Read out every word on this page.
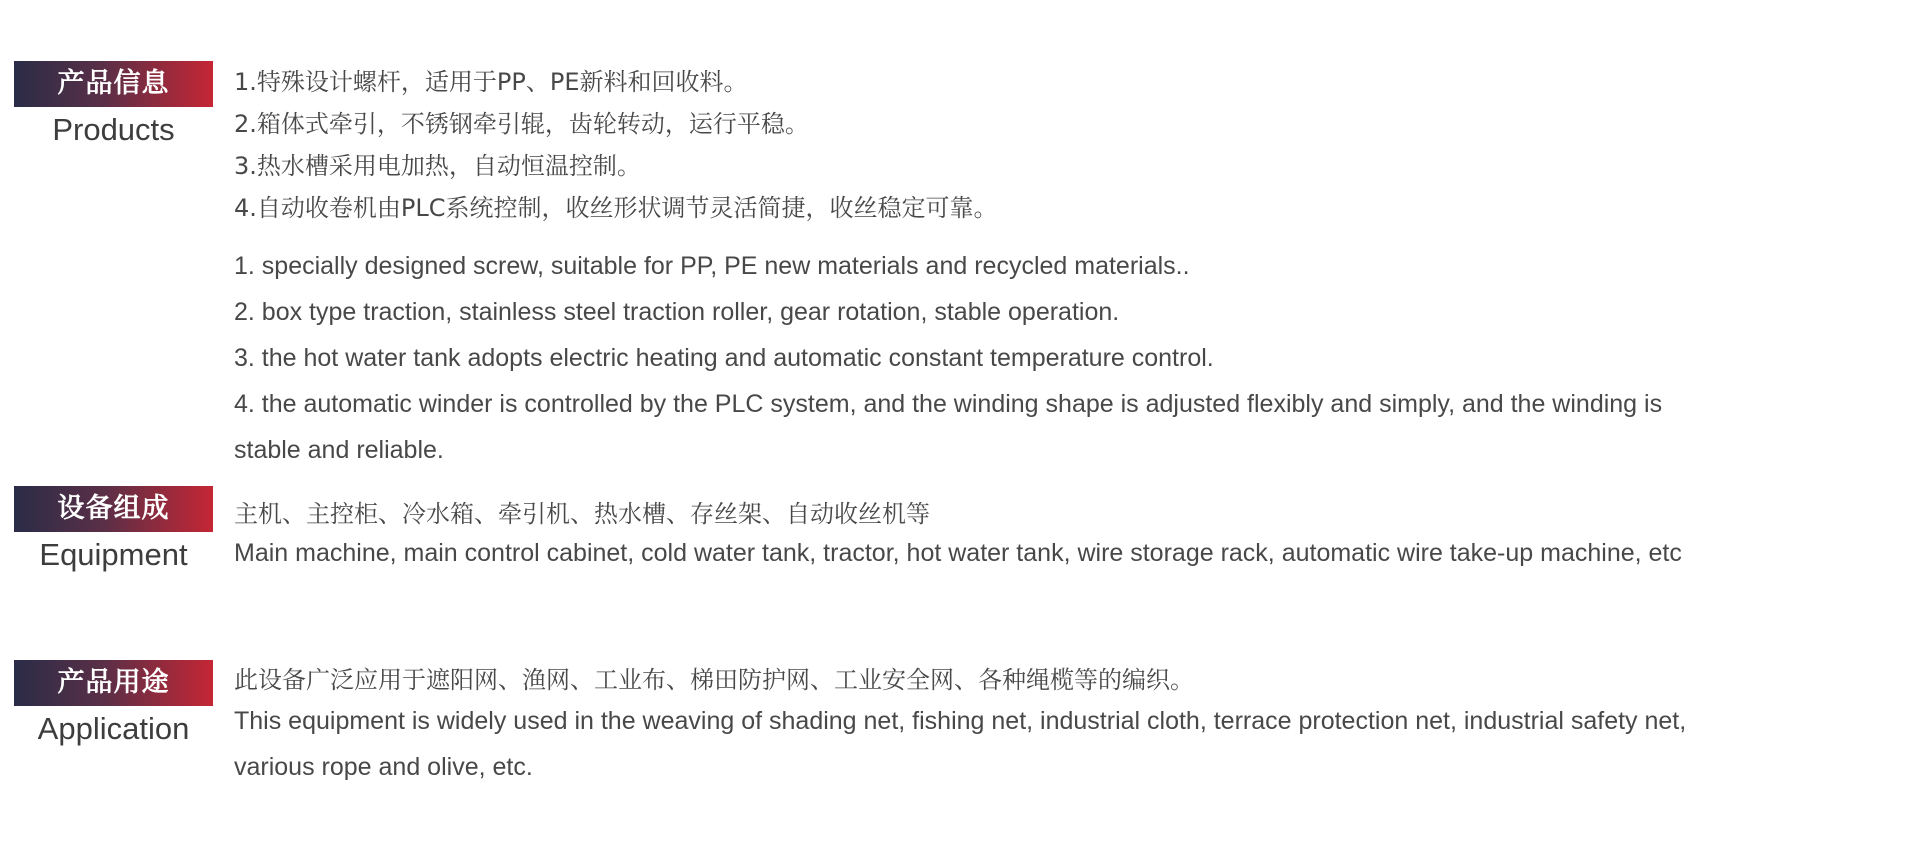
产品信息
Products
1.特殊设计螺杆，适用于PP、PE新料和回收料。
2.箱体式牵引，不锈钢牵引辊，齿轮转动，运行平稳。
3.热水槽采用电加热，自动恒温控制。
4.自动收卷机由PLC系统控制，收丝形状调节灵活简捷，收丝稳定可靠。
1. specially designed screw, suitable for PP, PE new materials and recycled materials..
2. box type traction, stainless steel traction roller, gear rotation, stable operation.
3. the hot water tank adopts electric heating and automatic constant temperature control.
4. the automatic winder is controlled by the PLC system, and the winding shape is adjusted flexibly and simply, and the winding is stable and reliable.
设备组成
Equipment
主机、主控柜、冷水箱、牵引机、热水槽、存丝架、自动收丝机等
Main machine, main control cabinet, cold water tank, tractor, hot water tank, wire storage rack, automatic wire take-up machine, etc
产品用途
Application
此设备广泛应用于遮阳网、渔网、工业布、梯田防护网、工业安全网、各种绳榄等的编织。
This equipment is widely used in the weaving of shading net, fishing net, industrial cloth, terrace protection net, industrial safety net, various rope and olive, etc.
